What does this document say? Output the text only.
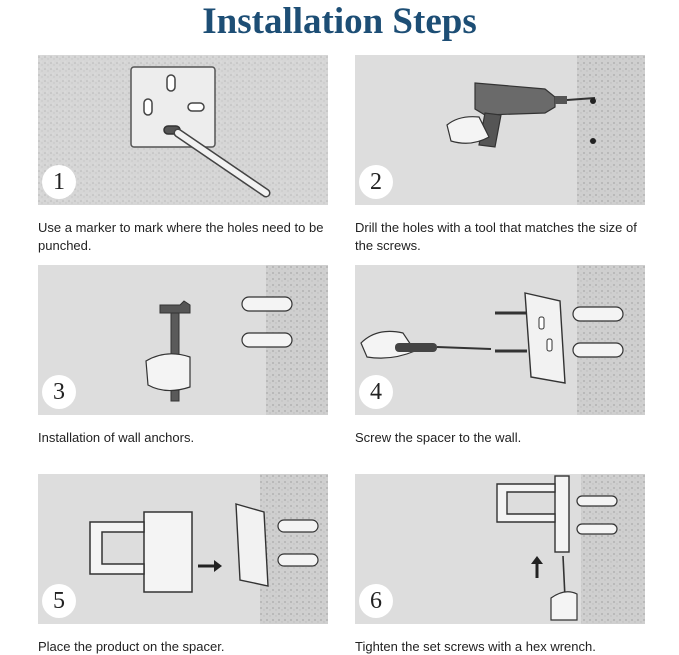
Installation Steps
1
Use a marker to mark where the holes need to be punched.
2
Drill the holes with a tool that matches the size of the screws.
3
Installation of wall anchors.
4
Screw the spacer to the wall.
5
Place the product on the spacer.
6
Tighten the set screws with a hex wrench.
